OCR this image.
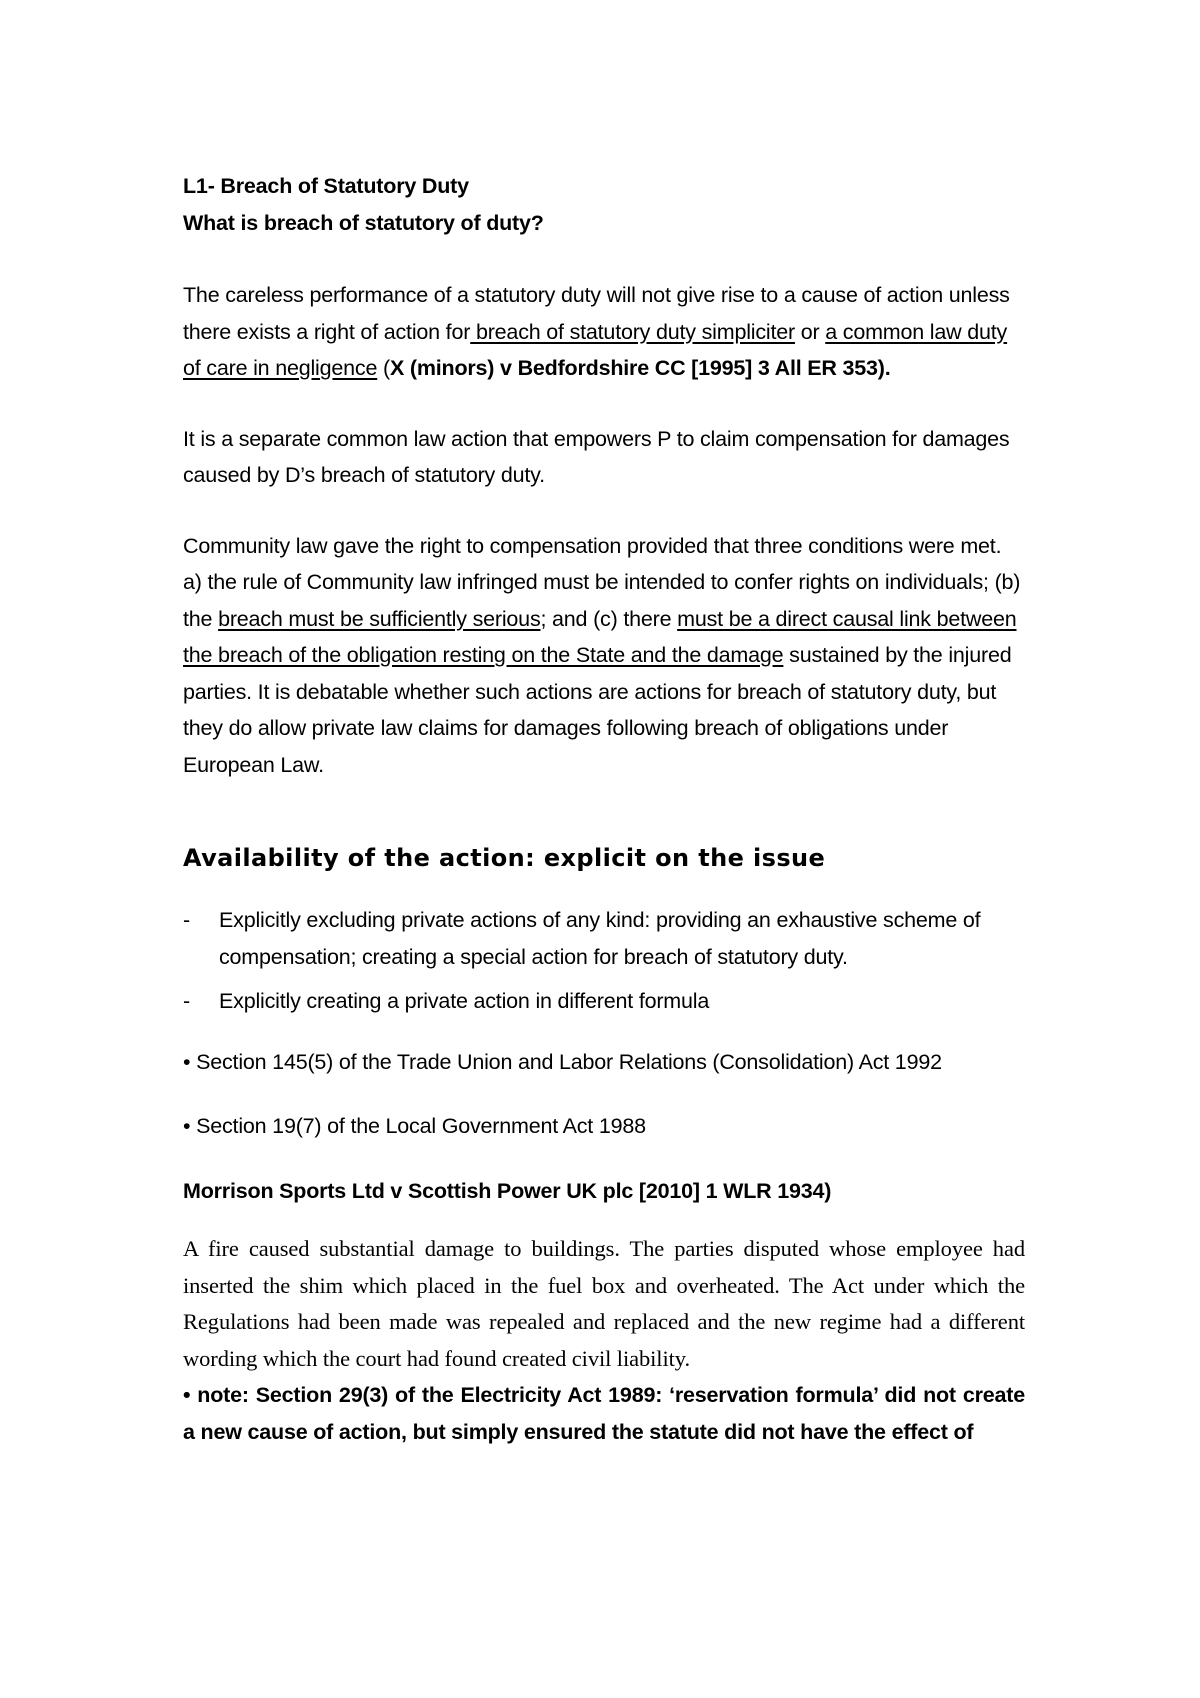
L1- Breach of Statutory Duty

What is breach of statutory of duty?

The careless performance of a statutory duty will not give rise to a cause of action unless there exists a right of action for breach of statutory duty simpliciter or a common law duty of care in negligence (X (minors) v Bedfordshire CC [1995] 3 All ER 353).

It is a separate common law action that empowers P to claim compensation for damages caused by D’s breach of statutory duty.

Community law gave the right to compensation provided that three conditions were met.

a) the rule of Community law infringed must be intended to confer rights on individuals; (b) the breach must be sufficiently serious; and (c) there must be a direct causal link between the breach of the obligation resting on the State and the damage sustained by the injured parties. It is debatable whether such actions are actions for breach of statutory duty, but they do allow private law claims for damages following breach of obligations under European Law.

Availability of the action: explicit on the issue

- Explicitly excluding private actions of any kind: providing an exhaustive scheme of compensation; creating a special action for breach of statutory duty.

- Explicitly creating a private action in different formula

• Section 145(5) of the Trade Union and Labor Relations (Consolidation) Act 1992

• Section 19(7) of the Local Government Act 1988

Morrison Sports Ltd v Scottish Power UK plc [2010] 1 WLR 1934)

A fire caused substantial damage to buildings. The parties disputed whose employee had inserted the shim which placed in the fuel box and overheated. The Act under which the Regulations had been made was repealed and replaced and the new regime had a different wording which the court had found created civil liability.

• note: Section 29(3) of the Electricity Act 1989: ‘reservation formula’ did not create a new cause of action, but simply ensured the statute did not have the effect of
